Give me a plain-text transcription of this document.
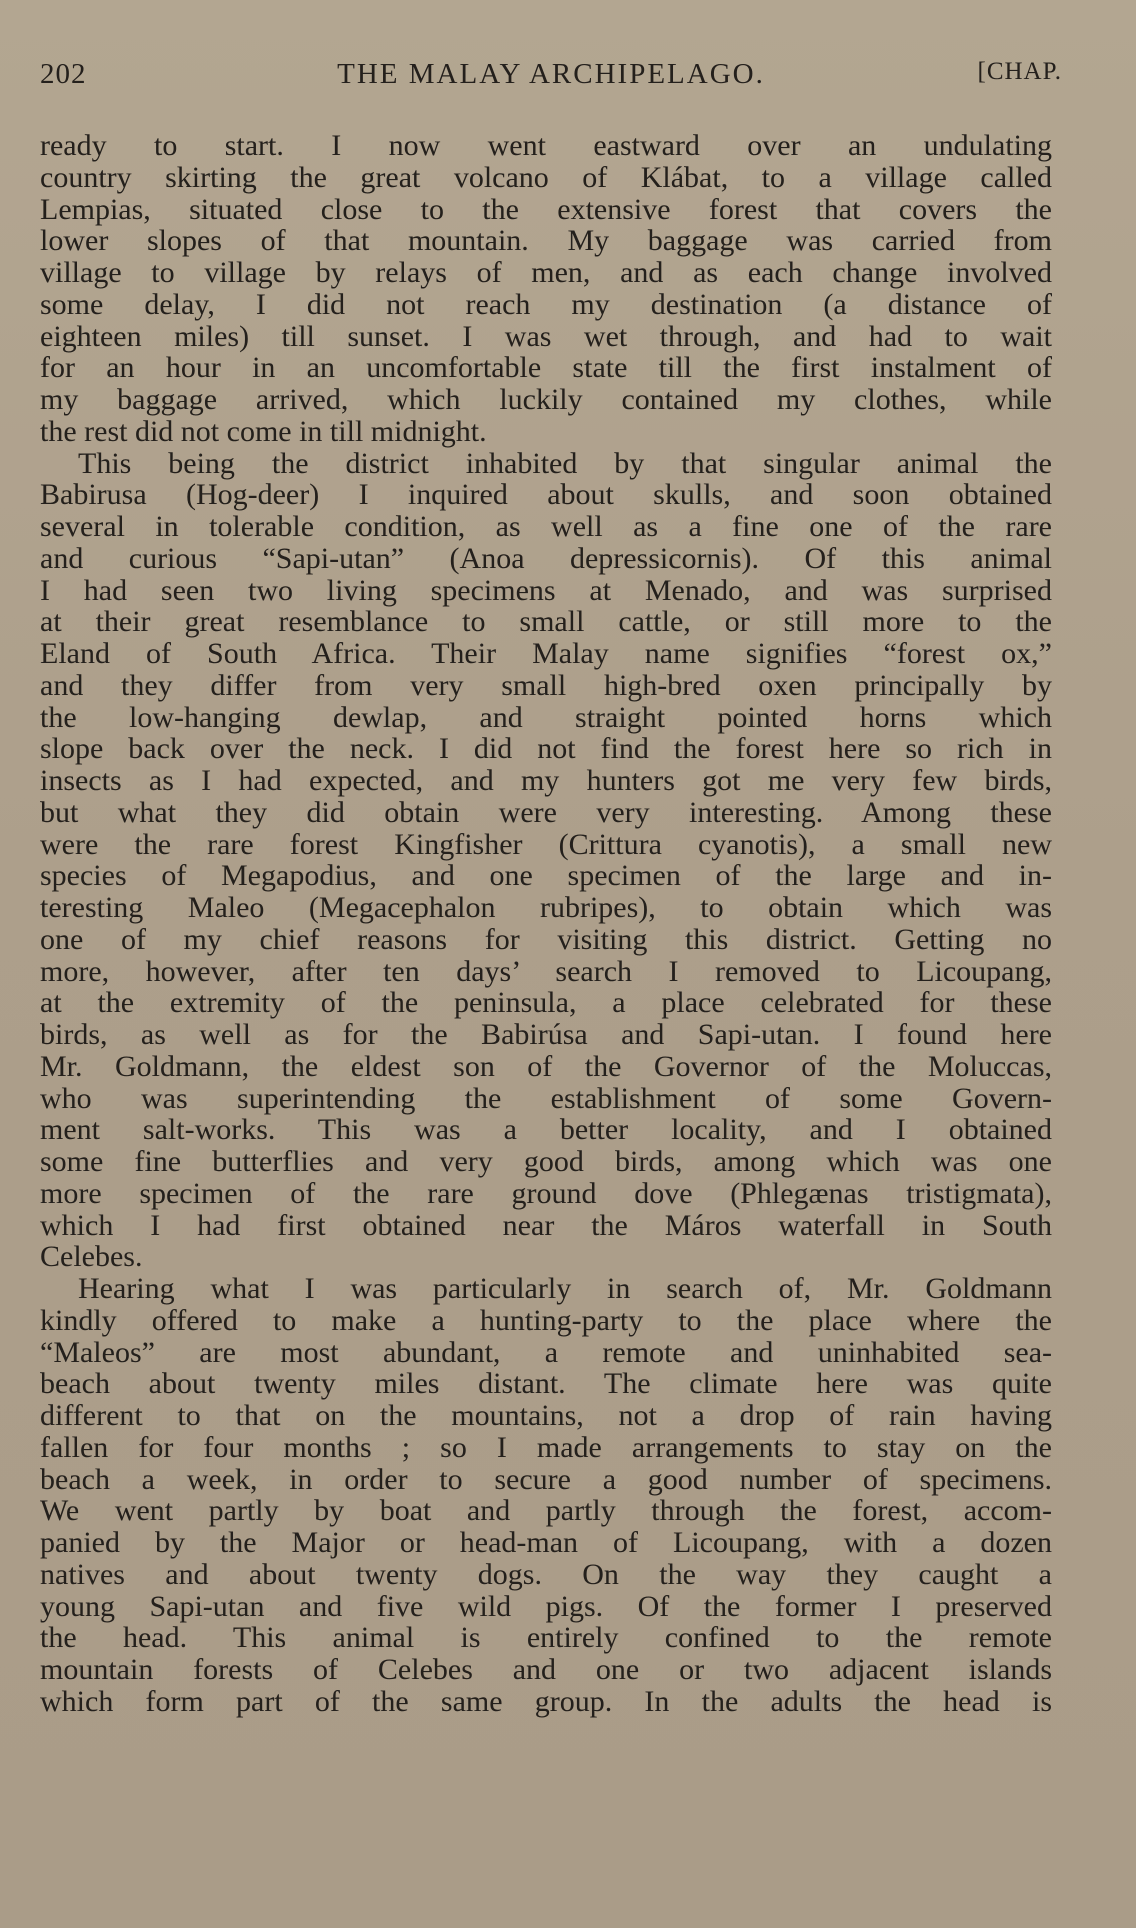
202	THE MALAY ARCHIPELAGO.	[CHAP.

ready to start. I now went eastward over an undulating

country skirting the great volcano of Klábat, to a village called

Lempias, situated close to the extensive forest that covers the

lower slopes of that mountain. My baggage was carried from

village to village by relays of men, and as each change involved

some delay, I did not reach my destination (a distance of

eighteen miles) till sunset. I was wet through, and had to wait

for an hour in an uncomfortable state till the first instalment of

my baggage arrived, which luckily contained my clothes, while

the rest did not come in till midnight.

This being the district inhabited by that singular animal the

Babirusa (Hog-deer) I inquired about skulls, and soon obtained

several in tolerable condition, as well as a fine one of the rare

and curious “Sapi-utan” (Anoa depressicornis). Of this animal

I had seen two living specimens at Menado, and was surprised

at their great resemblance to small cattle, or still more to the

Eland of South Africa. Their Malay name signifies “forest ox,”

and they differ from very small high-bred oxen principally by

the low-hanging dewlap, and straight pointed horns which

slope back over the neck. I did not find the forest here so rich in

insects as I had expected, and my hunters got me very few birds,

but what they did obtain were very interesting. Among these

were the rare forest Kingfisher (Crittura cyanotis), a small new

species of Megapodius, and one specimen of the large and in-

teresting Maleo (Megacephalon rubripes), to obtain which was

one of my chief reasons for visiting this district. Getting no

more, however, after ten days’ search I removed to Licoupang,

at the extremity of the peninsula, a place celebrated for these

birds, as well as for the Babirúsa and Sapi-utan. I found here

Mr. Goldmann, the eldest son of the Governor of the Moluccas,

who was superintending the establishment of some Govern-

ment salt-works. This was a better locality, and I obtained

some fine butterflies and very good birds, among which was one

more specimen of the rare ground dove (Phlegænas tristigmata),

which I had first obtained near the Máros waterfall in South

Celebes.

Hearing what I was particularly in search of, Mr. Goldmann

kindly offered to make a hunting-party to the place where the

“Maleos” are most abundant, a remote and uninhabited sea-

beach about twenty miles distant. The climate here was quite

different to that on the mountains, not a drop of rain having

fallen for four months ; so I made arrangements to stay on the

beach a week, in order to secure a good number of specimens.

We went partly by boat and partly through the forest, accom-

panied by the Major or head-man of Licoupang, with a dozen

natives and about twenty dogs. On the way they caught a

young Sapi-utan and five wild pigs. Of the former I preserved

the head. This animal is entirely confined to the remote

mountain forests of Celebes and one or two adjacent islands

which form part of the same group. In the adults the head is
